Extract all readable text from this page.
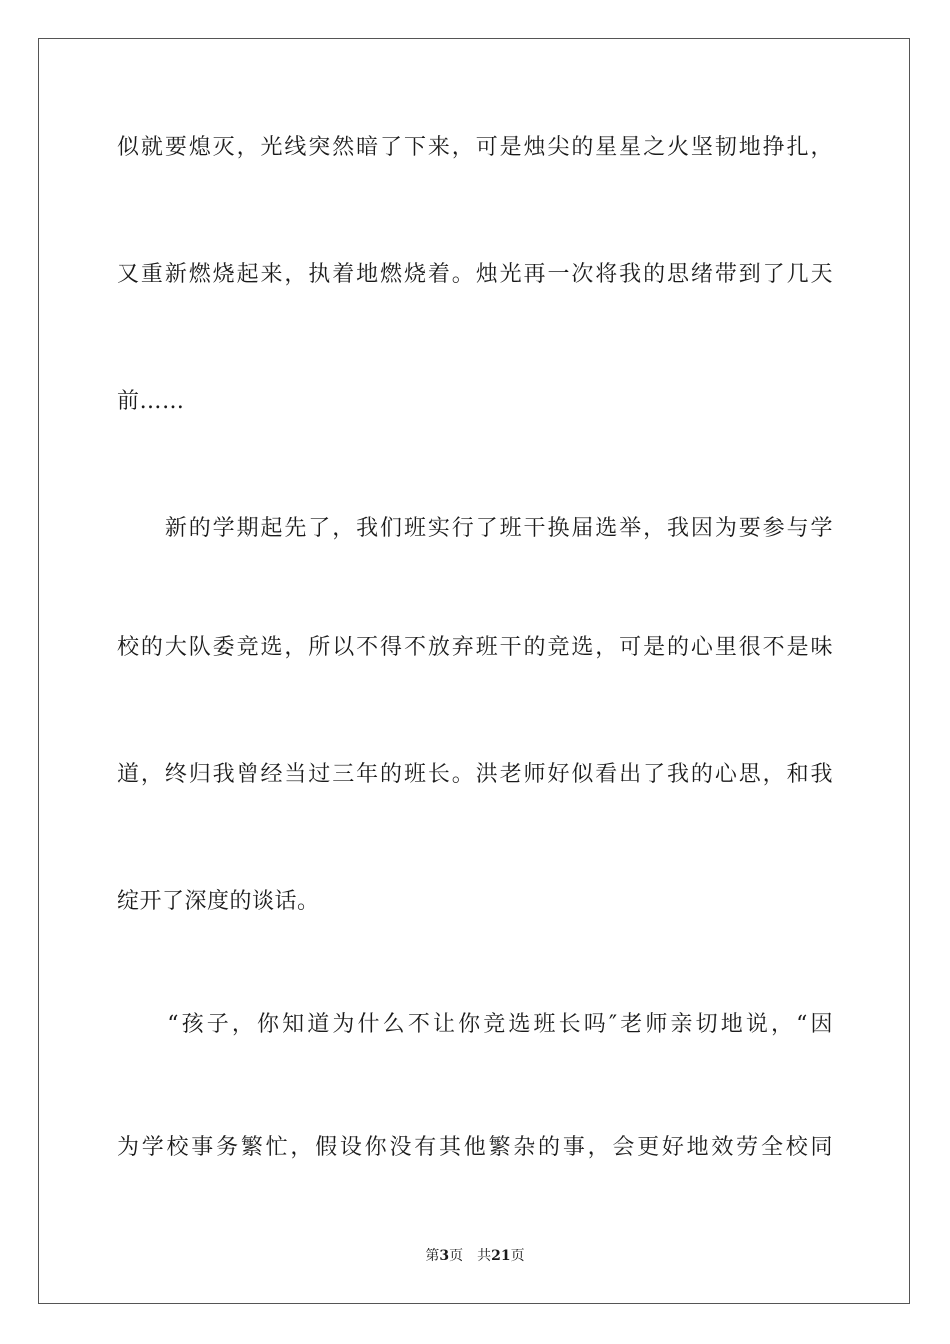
似就要熄灭，光线突然暗了下来，可是烛尖的星星之火坚韧地挣扎，
又重新燃烧起来，执着地燃烧着。烛光再一次将我的思绪带到了几天
前……
　　新的学期起先了，我们班实行了班干换届选举，我因为要参与学
校的大队委竞选，所以不得不放弃班干的竞选，可是的心里很不是味
道，终归我曾经当过三年的班长。洪老师好似看出了我的心思，和我
绽开了深度的谈话。
　　“孩子，你知道为什么不让你竞选班长吗″老师亲切地说，“因
为学校事务繁忙，假设你没有其他繁杂的事，会更好地效劳全校同
第3页 共21页
